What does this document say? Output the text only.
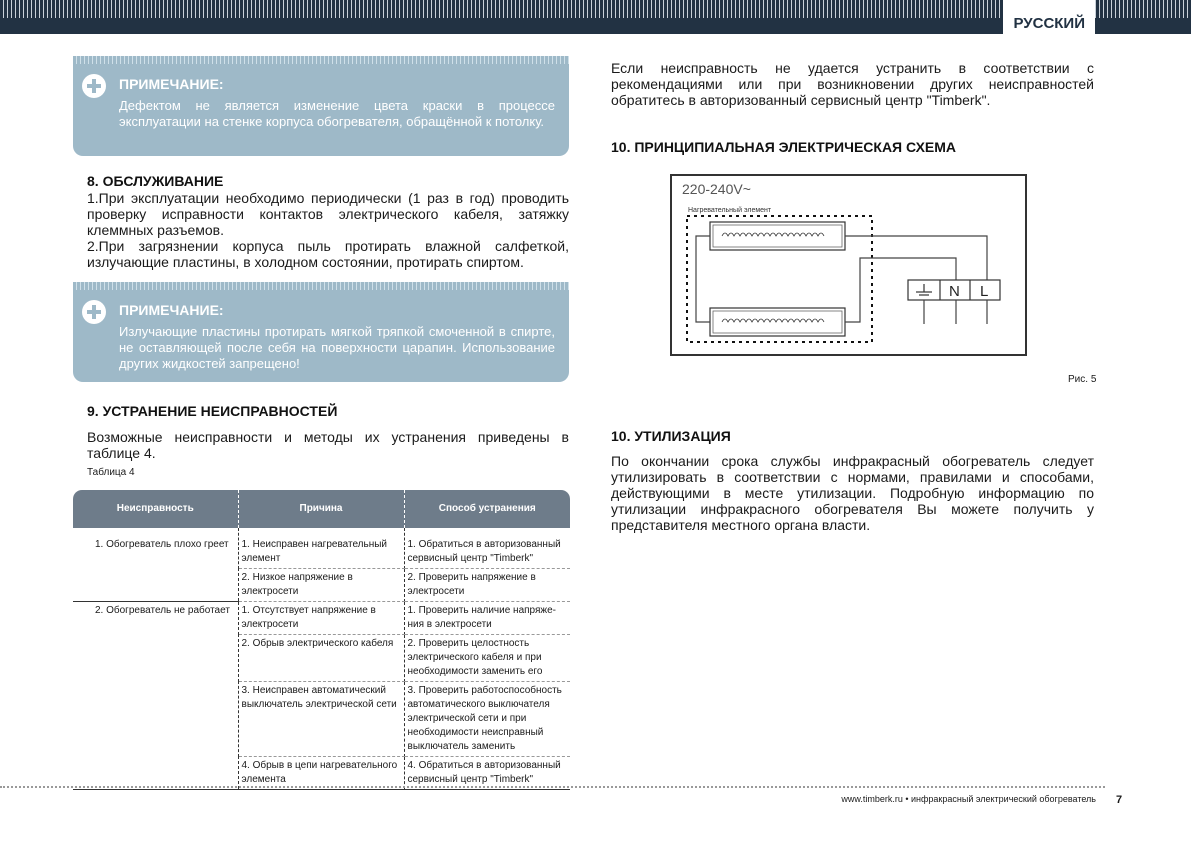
РУССКИЙ
ПРИМЕЧАНИЕ:
Дефектом не является изменение цвета краски в процессе эксплуатации на стенке корпуса обогревателя, обращённой к потолку.
8. ОБСЛУЖИВАНИЕ

1.При эксплуатации необходимо периодически (1 раз в год) проводить проверку исправности контактов электрического кабеля, затяжку клеммных разъемов.

2.При загрязнении корпуса пыль протирать влажной салфеткой, излучающие пластины, в холодном состоянии, протирать спиртом.

ПРИМЕЧАНИЕ:
Излучающие пластины протирать мягкой тряпкой смоченной в спирте, не оставляющей после себя на поверхности царапин. Использование других жидкостей запрещено!
9. УСТРАНЕНИЕ НЕИСПРАВНОСТЕЙ

Возможные неисправности и методы их устранения приведены в таблице 4.

Таблица 4
Неисправность	Причина	Способ устранения
1. Обогреватель плохо греет	1. Неисправен нагревательный элемент	1. Обратиться в авторизованный сервисный центр "Timberk"
	2. Низкое напряжение в электросети	2. Проверить напряжение в электросети
2. Обогреватель не работает	1. Отсутствует напряжение в электросети	1. Проверить наличие напряже- ния в электросети
	2. Обрыв электрического кабеля	2. Проверить целостность электрического кабеля и при необходимости заменить его
	3. Неисправен автоматический выключатель электрической сети	3. Проверить работоспособность автоматического выключателя электрической сети и при необходимости неисправный выключатель заменить
	4. Обрыв в цепи нагревательного элемента	4. Обратиться в авторизованный сервисный центр "Timberk"

Если неисправность не удается устранить в соответствии с рекомендациями или при возникновении других неисправностей обратитесь в авторизованный сервисный центр "Timberk".

10. ПРИНЦИПИАЛЬНАЯ ЭЛЕКТРИЧЕСКАЯ СХЕМА
220-240V~
Нагревательный элемент
N L
Рис. 5
10. УТИЛИЗАЦИЯ

По окончании срока службы инфракрасный обогреватель следует утилизировать в соответствии с нормами, правилами и способами, действующими в месте утилизации. Подробную информацию по утилизации инфракрасного обогревателя Вы можете получить у представителя местного органа власти.

www.timberk.ru • инфракрасный электрический обогреватель 7
